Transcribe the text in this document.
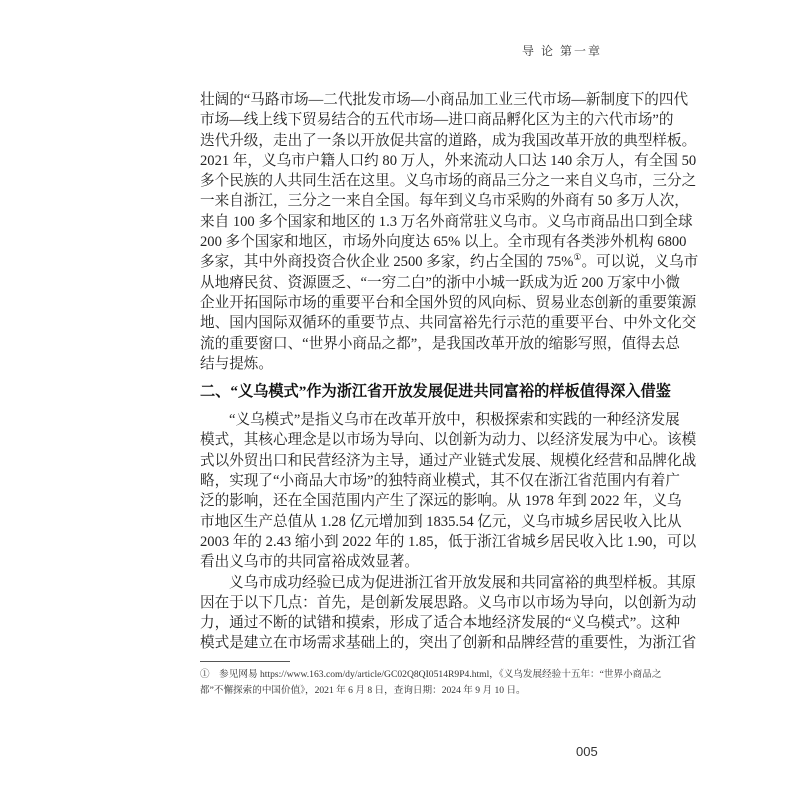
导 论 第一章
壮阔的“马路市场—二代批发市场—小商品加工业三代市场—新制度下的四代
市场—线上线下贸易结合的五代市场—进口商品孵化区为主的六代市场”的
迭代升级，走出了一条以开放促共富的道路，成为我国改革开放的典型样板。
2021 年，义乌市户籍人口约 80 万人，外来流动人口达 140 余万人，有全国 50
多个民族的人共同生活在这里。义乌市场的商品三分之一来自义乌市，三分之
一来自浙江，三分之一来自全国。每年到义乌市采购的外商有 50 多万人次，
来自 100 多个国家和地区的 1.3 万名外商常驻义乌市。义乌市商品出口到全球
200 多个国家和地区，市场外向度达 65% 以上。全市现有各类涉外机构 6800
多家，其中外商投资合伙企业 2500 多家，约占全国的 75%①。可以说，义乌市
从地瘠民贫、资源匮乏、“一穷二白”的浙中小城一跃成为近 200 万家中小微
企业开拓国际市场的重要平台和全国外贸的风向标、贸易业态创新的重要策源
地、国内国际双循环的重要节点、共同富裕先行示范的重要平台、中外文化交
流的重要窗口、“世界小商品之都”，是我国改革开放的缩影写照，值得去总
结与提炼。
二、“义乌模式”作为浙江省开放发展促进共同富裕的样板值得深入借鉴
“义乌模式”是指义乌市在改革开放中，积极探索和实践的一种经济发展
模式，其核心理念是以市场为导向、以创新为动力、以经济发展为中心。该模
式以外贸出口和民营经济为主导，通过产业链式发展、规模化经营和品牌化战
略，实现了“小商品大市场”的独特商业模式，其不仅在浙江省范围内有着广
泛的影响，还在全国范围内产生了深远的影响。从 1978 年到 2022 年，义乌
市地区生产总值从 1.28 亿元增加到 1835.54 亿元，义乌市城乡居民收入比从
2003 年的 2.43 缩小到 2022 年的 1.85，低于浙江省城乡居民收入比 1.90，可以
看出义乌市的共同富裕成效显著。
义乌市成功经验已成为促进浙江省开放发展和共同富裕的典型样板。其原
因在于以下几点：首先，是创新发展思路。义乌市以市场为导向，以创新为动
力，通过不断的试错和摸索，形成了适合本地经济发展的“义乌模式”。这种
模式是建立在市场需求基础上的，突出了创新和品牌经营的重要性，为浙江省
①　参见网易 https://www.163.com/dy/article/GC02Q8QI0514R9P4.html，《义乌发展经验十五年：“世界小商品之
都”不懈探索的中国价值》，2021 年 6 月 8 日，查询日期：2024 年 9 月 10 日。
005
